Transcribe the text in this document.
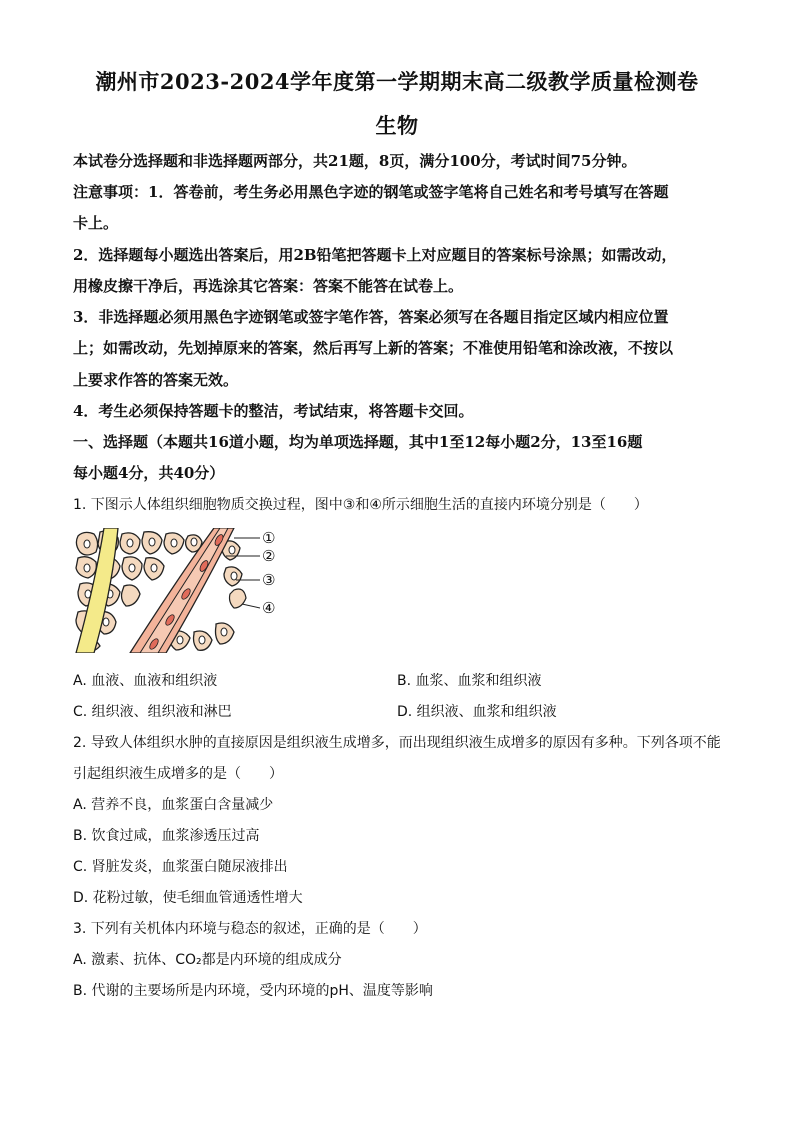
潮州市2023-2024学年度第一学期期末高二级教学质量检测卷
生物
本试卷分选择题和非选择题两部分，共21题，8页，满分100分，考试时间75分钟。
注意事项：1．答卷前，考生务必用黑色字迹的钢笔或签字笔将自己姓名和考号填写在答题
卡上。
2．选择题每小题选出答案后，用2B铅笔把答题卡上对应题目的答案标号涂黑；如需改动，
用橡皮擦干净后，再选涂其它答案：答案不能答在试卷上。
3．非选择题必须用黑色字迹钢笔或签字笔作答，答案必须写在各题目指定区域内相应位置
上；如需改动，先划掉原来的答案，然后再写上新的答案；不准使用铅笔和涂改液，不按以
上要求作答的答案无效。
4．考生必须保持答题卡的整洁，考试结束，将答题卡交回。
一、选择题（本题共16道小题，均为单项选择题，其中1至12每小题2分，13至16题
每小题4分，共40分）
1. 下图示人体组织细胞物质交换过程，图中③和④所示细胞生活的直接内环境分别是（　　）
①
②
③
④
A. 血液、血液和组织液	B. 血浆、血浆和组织液
C. 组织液、组织液和淋巴	D. 组织液、血浆和组织液
2. 导致人体组织水肿的直接原因是组织液生成增多，而出现组织液生成增多的原因有多种。下列各项不能
引起组织液生成增多的是（　　）
A. 营养不良，血浆蛋白含量减少
B. 饮食过咸，血浆渗透压过高
C. 肾脏发炎，血浆蛋白随尿液排出
D. 花粉过敏，使毛细血管通透性增大
3. 下列有关机体内环境与稳态的叙述，正确的是（　　）
A. 激素、抗体、CO₂都是内环境的组成成分
B. 代谢的主要场所是内环境，受内环境的pH、温度等影响
